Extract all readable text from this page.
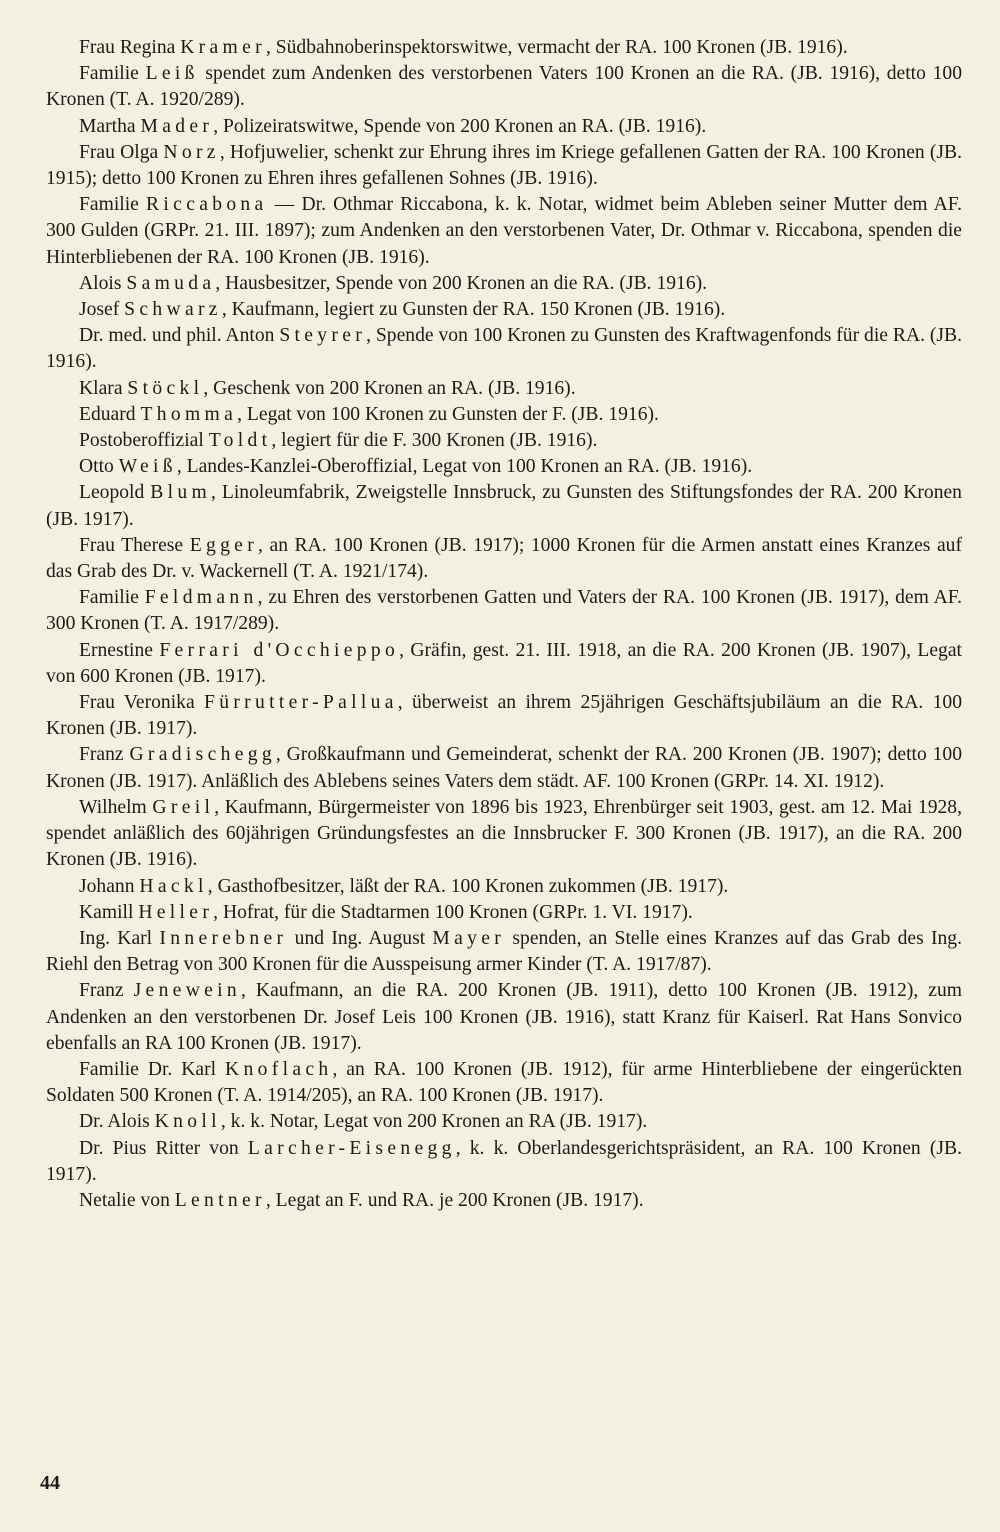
Frau Regina Kramer, Südbahnoberinspektorswitwe, vermacht der RA. 100 Kronen (JB. 1916).

Familie Leiß spendet zum Andenken des verstorbenen Vaters 100 Kronen an die RA. (JB. 1916), detto 100 Kronen (T. A. 1920/289).

Martha Mader, Polizeiratswitwe, Spende von 200 Kronen an RA. (JB. 1916).

Frau Olga Norz, Hofjuwelier, schenkt zur Ehrung ihres im Kriege gefallenen Gatten der RA. 100 Kronen (JB. 1915); detto 100 Kronen zu Ehren ihres gefallenen Sohnes (JB. 1916).

Familie Riccabona — Dr. Othmar Riccabona, k. k. Notar, widmet beim Ableben seiner Mutter dem AF. 300 Gulden (GRPr. 21. III. 1897); zum Andenken an den verstorbenen Vater, Dr. Othmar v. Riccabona, spenden die Hinterbliebenen der RA. 100 Kronen (JB. 1916).

Alois Samuda, Hausbesitzer, Spende von 200 Kronen an die RA. (JB. 1916).

Josef Schwarz, Kaufmann, legiert zu Gunsten der RA. 150 Kronen (JB. 1916).

Dr. med. und phil. Anton Steyrer, Spende von 100 Kronen zu Gunsten des Kraftwagenfonds für die RA. (JB. 1916).

Klara Stöckl, Geschenk von 200 Kronen an RA. (JB. 1916).

Eduard Thomma, Legat von 100 Kronen zu Gunsten der F. (JB. 1916).

Postoberoffizial Toldt, legiert für die F. 300 Kronen (JB. 1916).

Otto Weiß, Landes-Kanzlei-Oberoffizial, Legat von 100 Kronen an RA. (JB. 1916).

Leopold Blum, Linoleumfabrik, Zweigstelle Innsbruck, zu Gunsten des Stiftungsfondes der RA. 200 Kronen (JB. 1917).

Frau Therese Egger, an RA. 100 Kronen (JB. 1917); 1000 Kronen für die Armen anstatt eines Kranzes auf das Grab des Dr. v. Wackernell (T. A. 1921/174).

Familie Feldmann, zu Ehren des verstorbenen Gatten und Vaters der RA. 100 Kronen (JB. 1917), dem AF. 300 Kronen (T. A. 1917/289).

Ernestine Ferrari d'Occhieppo, Gräfin, gest. 21. III. 1918, an die RA. 200 Kronen (JB. 1907), Legat von 600 Kronen (JB. 1917).

Frau Veronika Fürrutter-Pallua, überweist an ihrem 25jährigen Geschäftsjubiläum an die RA. 100 Kronen (JB. 1917).

Franz Gradischegg, Großkaufmann und Gemeinderat, schenkt der RA. 200 Kronen (JB. 1907); detto 100 Kronen (JB. 1917). Anläßlich des Ablebens seines Vaters dem städt. AF. 100 Kronen (GRPr. 14. XI. 1912).

Wilhelm Greil, Kaufmann, Bürgermeister von 1896 bis 1923, Ehrenbürger seit 1903, gest. am 12. Mai 1928, spendet anläßlich des 60jährigen Gründungsfestes an die Innsbrucker F. 300 Kronen (JB. 1917), an die RA. 200 Kronen (JB. 1916).

Johann Hackl, Gasthofbesitzer, läßt der RA. 100 Kronen zukommen (JB. 1917).

Kamill Heller, Hofrat, für die Stadtarmen 100 Kronen (GRPr. 1. VI. 1917).

Ing. Karl Innerebner und Ing. August Mayer spenden, an Stelle eines Kranzes auf das Grab des Ing. Riehl den Betrag von 300 Kronen für die Ausspeisung armer Kinder (T. A. 1917/87).

Franz Jenewein, Kaufmann, an die RA. 200 Kronen (JB. 1911), detto 100 Kronen (JB. 1912), zum Andenken an den verstorbenen Dr. Josef Leis 100 Kronen (JB. 1916), statt Kranz für Kaiserl. Rat Hans Sonvico ebenfalls an RA 100 Kronen (JB. 1917).

Familie Dr. Karl Knoflach, an RA. 100 Kronen (JB. 1912), für arme Hinterbliebene der eingerückten Soldaten 500 Kronen (T. A. 1914/205), an RA. 100 Kronen (JB. 1917).

Dr. Alois Knoll, k. k. Notar, Legat von 200 Kronen an RA (JB. 1917).

Dr. Pius Ritter von Larcher-Eisenegg, k. k. Oberlandesgerichtspräsident, an RA. 100 Kronen (JB. 1917).

Netalie von Lentner, Legat an F. und RA. je 200 Kronen (JB. 1917).

44
